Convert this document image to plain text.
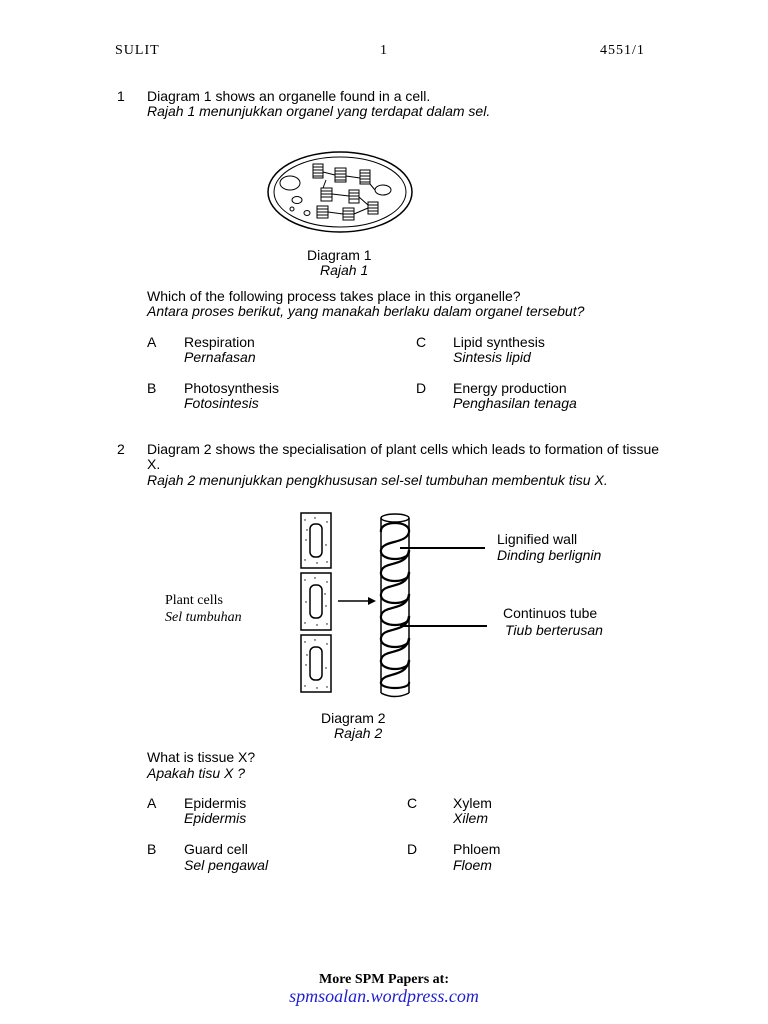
SULIT	1	4551/1
1 Diagram 1 shows an organelle found in a cell.
Rajah 1 menunjukkan organel yang terdapat dalam sel.
Diagram 1
Rajah 1
Which of the following process takes place in this organelle?
Antara proses berikut, yang manakah berlaku dalam organel tersebut?
A Respiration
Pernafasan
B Photosynthesis
Fotosintesis
C Lipid synthesis
Sintesis lipid
D Energy production
Penghasilan tenaga
2 Diagram 2 shows the specialisation of plant cells which leads to formation of tissue
X.
Rajah 2 menunjukkan pengkhususan sel-sel tumbuhan membentuk tisu X.
Lignified wall
Dinding berlignin
Continuos tube
Tiub berterusan
Plant cells
Sel tumbuhan
Diagram 2
Rajah 2
What is tissue X?
Apakah tisu X ?
A Epidermis
Epidermis
B Guard cell
Sel pengawal
C	Xylem
Xilem
D	Phloem
Floem
More SPM Papers at:
spmsoalan.wordpress.com
